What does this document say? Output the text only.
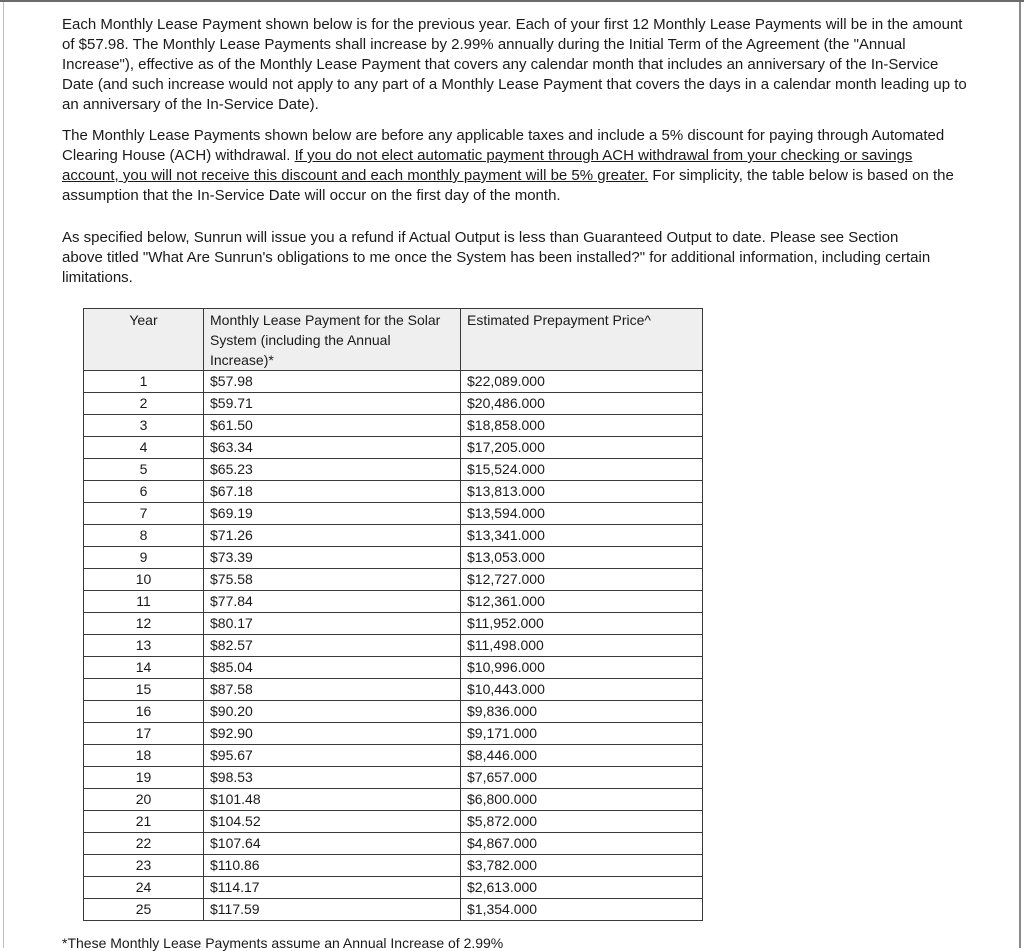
Each Monthly Lease Payment shown below is for the previous year. Each of your first 12 Monthly Lease Payments will be in the amount of $57.98. The Monthly Lease Payments shall increase by 2.99% annually during the Initial Term of the Agreement (the "Annual Increase"), effective as of the Monthly Lease Payment that covers any calendar month that includes an anniversary of the In-Service Date (and such increase would not apply to any part of a Monthly Lease Payment that covers the days in a calendar month leading up to an anniversary of the In-Service Date).

The Monthly Lease Payments shown below are before any applicable taxes and include a 5% discount for paying through Automated Clearing House (ACH) withdrawal. If you do not elect automatic payment through ACH withdrawal from your checking or savings account, you will not receive this discount and each monthly payment will be 5% greater. For simplicity, the table below is based on the assumption that the In-Service Date will occur on the first day of the month.

As specified below, Sunrun will issue you a refund if Actual Output is less than Guaranteed Output to date. Please see Section above titled "What Are Sunrun's obligations to me once the System has been installed?" for additional information, including certain limitations.

Year	Monthly Lease Payment for the Solar System (including the Annual Increase)*	Estimated Prepayment Price^
1	$57.98	$22,089.000
2	$59.71	$20,486.000
3	$61.50	$18,858.000
4	$63.34	$17,205.000
5	$65.23	$15,524.000
6	$67.18	$13,813.000
7	$69.19	$13,594.000
8	$71.26	$13,341.000
9	$73.39	$13,053.000
10	$75.58	$12,727.000
11	$77.84	$12,361.000
12	$80.17	$11,952.000
13	$82.57	$11,498.000
14	$85.04	$10,996.000
15	$87.58	$10,443.000
16	$90.20	$9,836.000
17	$92.90	$9,171.000
18	$95.67	$8,446.000
19	$98.53	$7,657.000
20	$101.48	$6,800.000
21	$104.52	$5,872.000
22	$107.64	$4,867.000
23	$110.86	$3,782.000
24	$114.17	$2,613.000
25	$117.59	$1,354.000

*These Monthly Lease Payments assume an Annual Increase of 2.99%
